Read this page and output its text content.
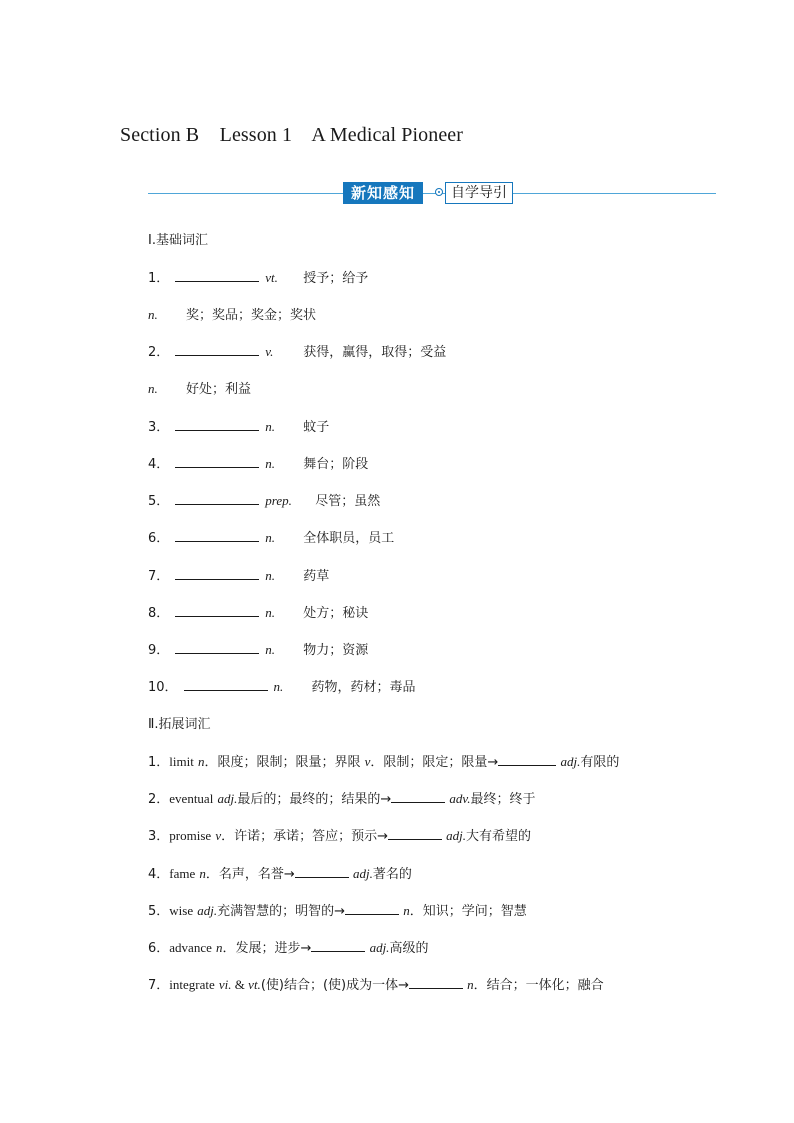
Section B    Lesson 1    A Medical Pioneer
新知感知	自学导引
Ⅰ.基础词汇
1．	vt. 授予；给予
n. 奖；奖品；奖金；奖状
2．	v. 获得，赢得，取得；受益
n. 好处；利益
3．	n. 蚊子
4．	n. 舞台；阶段
5．	prep. 尽管；虽然
6．	n. 全体职员，员工
7．	n. 药草
8．	n. 处方；秘诀
9．	n. 物力；资源
10．	n. 药物，药材；毒品
Ⅱ.拓展词汇
1．limit n．限度；限制；限量；界限 v．限制；限定；限量→	adj.有限的
2．eventual adj.最后的；最终的；结果的→	adv.最终；终于
3．promise v．许诺；承诺；答应；预示→	adj.大有希望的
4．fame n．名声，名誉→	adj.著名的
5．wise adj.充满智慧的；明智的→	n．知识；学问；智慧
6．advance n．发展；进步→	adj.高级的
7．integrate vi. & vt.(使)结合；(使)成为一体→	n．结合；一体化；融合
